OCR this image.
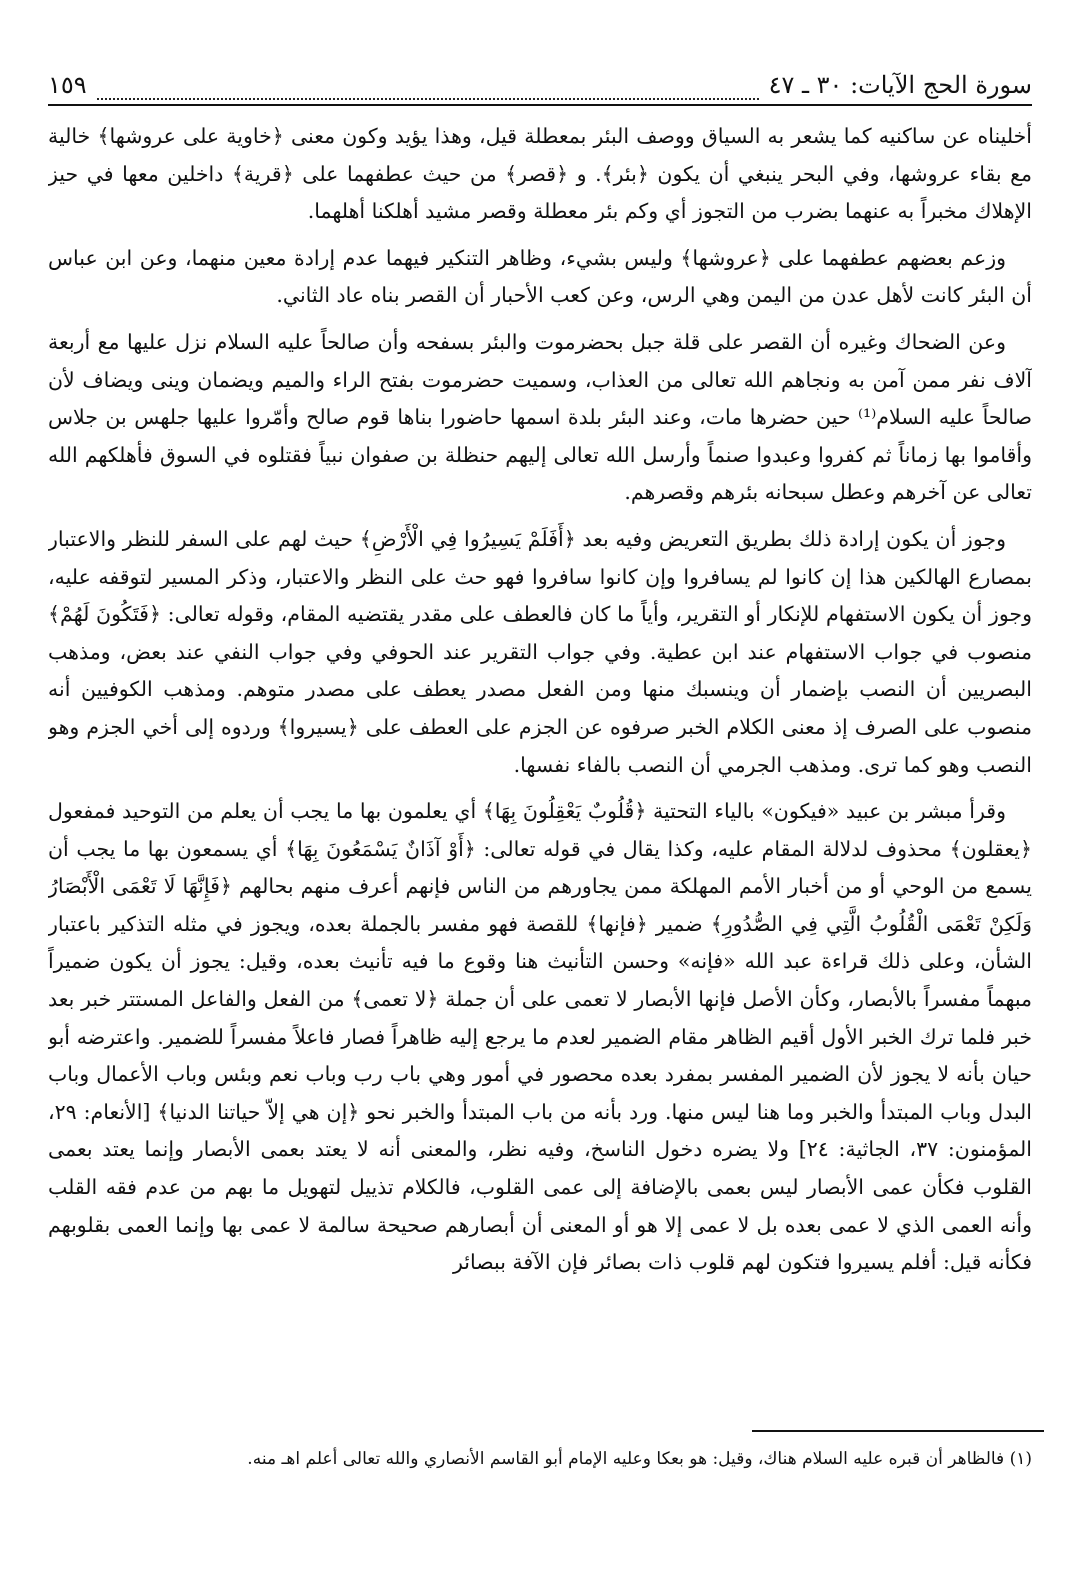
سورة الحج الآيات: ٣٠ ـ ٤٧
١٥٩

أخليناه عن ساكنيه كما يشعر به السياق ووصف البئر بمعطلة قيل، وهذا يؤيد وكون معنى ﴿خاوية على عروشها﴾ خالية مع بقاء عروشها، وفي البحر ينبغي أن يكون ﴿بئر﴾. و ﴿قصر﴾ من حيث عطفهما على ﴿قرية﴾ داخلين معها في حيز الإهلاك مخبراً به عنهما بضرب من التجوز أي وكم بئر معطلة وقصر مشيد أهلكنا أهلهما.

وزعم بعضهم عطفهما على ﴿عروشها﴾ وليس بشيء، وظاهر التنكير فيهما عدم إرادة معين منهما، وعن ابن عباس أن البئر كانت لأهل عدن من اليمن وهي الرس، وعن كعب الأحبار أن القصر بناه عاد الثاني.

وعن الضحاك وغيره أن القصر على قلة جبل بحضرموت والبئر بسفحه وأن صالحاً عليه السلام نزل عليها مع أربعة آلاف نفر ممن آمن به ونجاهم الله تعالى من العذاب، وسميت حضرموت بفتح الراء والميم ويضمان وينى ويضاف لأن صالحاً عليه السلام⁽¹⁾ حين حضرها مات، وعند البئر بلدة اسمها حاضورا بناها قوم صالح وأمّروا عليها جلهس بن جلاس وأقاموا بها زماناً ثم كفروا وعبدوا صنماً وأرسل الله تعالى إليهم حنظلة بن صفوان نبياً فقتلوه في السوق فأهلكهم الله تعالى عن آخرهم وعطل سبحانه بئرهم وقصرهم.

وجوز أن يكون إرادة ذلك بطريق التعريض وفيه بعد ﴿أَفَلَمْ يَسِيرُوا فِي الْأَرْضِ﴾ حيث لهم على السفر للنظر والاعتبار بمصارع الهالكين هذا إن كانوا لم يسافروا وإن كانوا سافروا فهو حث على النظر والاعتبار، وذكر المسير لتوقفه عليه، وجوز أن يكون الاستفهام للإنكار أو التقرير، وأياً ما كان فالعطف على مقدر يقتضيه المقام، وقوله تعالى: ﴿فَتَكُونَ لَهُمْ﴾ منصوب في جواب الاستفهام عند ابن عطية. وفي جواب التقرير عند الحوفي وفي جواب النفي عند بعض، ومذهب البصريين أن النصب بإضمار أن وينسبك منها ومن الفعل مصدر يعطف على مصدر متوهم. ومذهب الكوفيين أنه منصوب على الصرف إذ معنى الكلام الخبر صرفوه عن الجزم على العطف على ﴿يسيروا﴾ وردوه إلى أخي الجزم وهو النصب وهو كما ترى. ومذهب الجرمي أن النصب بالفاء نفسها.

وقرأ مبشر بن عبيد «فيكون» بالياء التحتية ﴿قُلُوبٌ يَعْقِلُونَ بِهَا﴾ أي يعلمون بها ما يجب أن يعلم من التوحيد فمفعول ﴿يعقلون﴾ محذوف لدلالة المقام عليه، وكذا يقال في قوله تعالى: ﴿أَوْ آذَانٌ يَسْمَعُونَ بِهَا﴾ أي يسمعون بها ما يجب أن يسمع من الوحي أو من أخبار الأمم المهلكة ممن يجاورهم من الناس فإنهم أعرف منهم بحالهم ﴿فَإِنَّهَا لَا تَعْمَى الْأَبْصَارُ وَلَكِنْ تَعْمَى الْقُلُوبُ الَّتِي فِي الصُّدُورِ﴾ ضمير ﴿فإنها﴾ للقصة فهو مفسر بالجملة بعده، ويجوز في مثله التذكير باعتبار الشأن، وعلى ذلك قراءة عبد الله «فإنه» وحسن التأنيث هنا وقوع ما فيه تأنيث بعده، وقيل: يجوز أن يكون ضميراً مبهماً مفسراً بالأبصار، وكأن الأصل فإنها الأبصار لا تعمى على أن جملة ﴿لا تعمى﴾ من الفعل والفاعل المستتر خبر بعد خبر فلما ترك الخبر الأول أقيم الظاهر مقام الضمير لعدم ما يرجع إليه ظاهراً فصار فاعلاً مفسراً للضمير. واعترضه أبو حيان بأنه لا يجوز لأن الضمير المفسر بمفرد بعده محصور في أمور وهي باب رب وباب نعم وبئس وباب الأعمال وباب البدل وباب المبتدأ والخبر وما هنا ليس منها. ورد بأنه من باب المبتدأ والخبر نحو ﴿إن هي إلاّ حياتنا الدنيا﴾ [الأنعام: ٢٩، المؤمنون: ٣٧، الجاثية: ٢٤] ولا يضره دخول الناسخ، وفيه نظر، والمعنى أنه لا يعتد بعمى الأبصار وإنما يعتد بعمى القلوب فكأن عمى الأبصار ليس بعمى بالإضافة إلى عمى القلوب، فالكلام تذييل لتهويل ما بهم من عدم فقه القلب وأنه العمى الذي لا عمى بعده بل لا عمى إلا هو أو المعنى أن أبصارهم صحيحة سالمة لا عمى بها وإنما العمى بقلوبهم فكأنه قيل: أفلم يسيروا فتكون لهم قلوب ذات بصائر فإن الآفة ببصائر

(١) فالظاهر أن قبره عليه السلام هناك، وقيل: هو بعكا وعليه الإمام أبو القاسم الأنصاري والله تعالى أعلم اهـ منه.
